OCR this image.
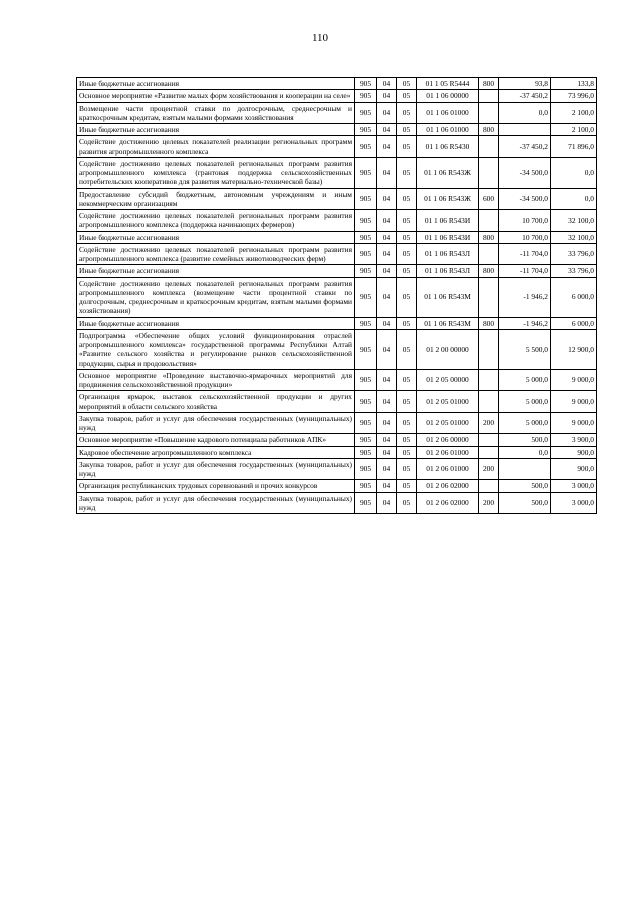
110
Иные бюджетные ассигнования	905	04	05	01 1 05 R5444	800	93,8	133,8
Основное мероприятие «Развитие малых форм хозяйствования и кооперации на селе»	905	04	05	01 1 06 00000		-37 450,2	73 996,0
Возмещение части процентной ставки по долгосрочным, среднесрочным и краткосрочным кредитам, взятым малыми формами хозяйствования	905	04	05	01 1 06 01000		0,0	2 100,0
Иные бюджетные ассигнования	905	04	05	01 1 06 01000	800		2 100,0
Содействие достижению целевых показателей реализации региональных программ развития агропромышленного комплекса	905	04	05	01 1 06 R5430		-37 450,2	71 896,0
Содействие достижению целевых показателей региональных программ развития агропромышленного комплекса (грантовая поддержка сельскохозяйственных потребительских кооперативов для развития материально-технической базы)	905	04	05	01 1 06 R543Ж		-34 500,0	0,0
Предоставление субсидий бюджетным, автономным учреждениям и иным некоммерческим организациям	905	04	05	01 1 06 R543Ж	600	-34 500,0	0,0
Содействие достижению целевых показателей региональных программ развития агропромышленного комплекса (поддержка начинающих фермеров)	905	04	05	01 1 06 R543И		10 700,0	32 100,0
Иные бюджетные ассигнования	905	04	05	01 1 06 R543И	800	10 700,0	32 100,0
Содействие достижению целевых показателей региональных программ развития агропромышленного комплекса (развитие семейных животноводческих ферм)	905	04	05	01 1 06 R543Л		-11 704,0	33 796,0
Иные бюджетные ассигнования	905	04	05	01 1 06 R543Л	800	-11 704,0	33 796,0
Содействие достижению целевых показателей региональных программ развития агропромышленного комплекса (возмещение части процентной ставки по долгосрочным, среднесрочным и краткосрочным кредитам, взятым малыми формами хозяйствования)	905	04	05	01 1 06 R543М		-1 946,2	6 000,0
Иные бюджетные ассигнования	905	04	05	01 1 06 R543М	800	-1 946,2	6 000,0
Подпрограмма «Обеспечение общих условий функционирования отраслей агропромышленного комплекса» государственной программы Республики Алтай «Развитие сельского хозяйства и регулирование рынков сельскохозяйственной продукции, сырья и продовольствия»	905	04	05	01 2 00 00000		5 500,0	12 900,0
Основное мероприятие «Проведение выставочно-ярмарочных мероприятий для продвижения сельскохозяйственной продукции»	905	04	05	01 2 05 00000		5 000,0	9 000,0
Организация ярмарок, выставок сельскохозяйственной продукции и других мероприятий в области сельского хозяйства	905	04	05	01 2 05 01000		5 000,0	9 000,0
Закупка товаров, работ и услуг для обеспечения государственных (муниципальных) нужд	905	04	05	01 2 05 01000	200	5 000,0	9 000,0
Основное мероприятие «Повышение кадрового потенциала работников АПК»	905	04	05	01 2 06 00000		500,0	3 900,0
Кадровое обеспечение агропромышленного комплекса	905	04	05	01 2 06 01000		0,0	900,0
Закупка товаров, работ и услуг для обеспечения государственных (муниципальных) нужд	905	04	05	01 2 06 01000	200		900,0
Организация республиканских трудовых соревнований и прочих конкурсов	905	04	05	01 2 06 02000		500,0	3 000,0
Закупка товаров, работ и услуг для обеспечения государственных (муниципальных) нужд	905	04	05	01 2 06 02000	200	500,0	3 000,0
